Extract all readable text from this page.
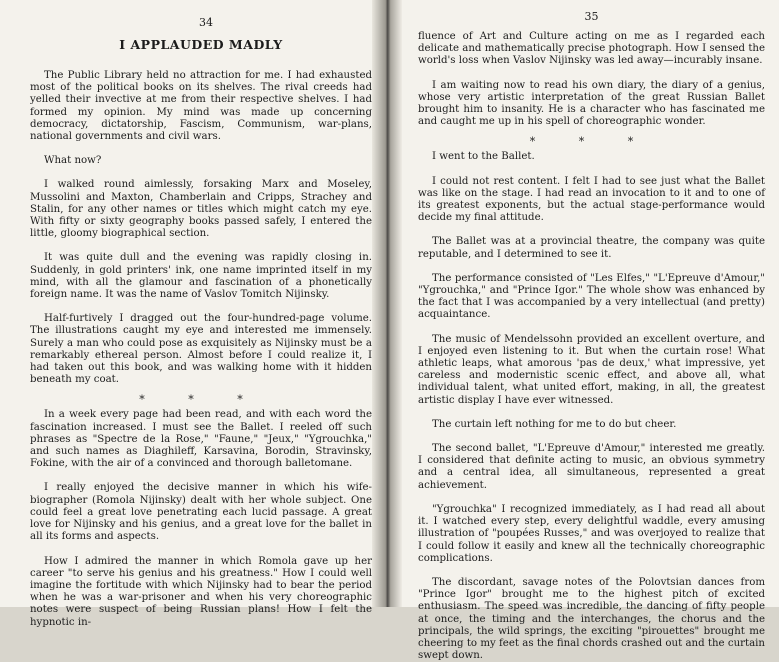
34
I APPLAUDED MADLY

The Public Library held no attraction for me. I had exhausted most of the political books on its shelves. The rival creeds had yelled their invective at me from their respective shelves. I had formed my opinion. My mind was made up concerning democracy, dictatorship, Fascism, Communism, war-plans, national governments and civil wars.

What now?

I walked round aimlessly, forsaking Marx and Moseley, Mussolini and Maxton, Chamberlain and Cripps, Strachey and Stalin, for any other names or titles which might catch my eye. With fifty or sixty geography books passed safely, I entered the little, gloomy biographical section.

It was quite dull and the evening was rapidly closing in. Suddenly, in gold printers' ink, one name imprinted itself in my mind, with all the glamour and fascination of a phonetically foreign name. It was the name of Vaslov Tomitch Nijinsky.

Half-furtively I dragged out the four-hundred-page volume. The illustrations caught my eye and interested me immensely. Surely a man who could pose as exquisitely as Nijinsky must be a remarkably ethereal person. Almost before I could realize it, I had taken out this book, and was walking home with it hidden beneath my coat.

* * *

In a week every page had been read, and with each word the fascination increased. I must see the Ballet. I reeled off such phrases as "Spectre de la Rose," "Faune," "Jeux," "Ygrouchka," and such names as Diaghileff, Karsavina, Borodin, Stravinsky, Fokine, with the air of a convinced and thorough balletomane.

I really enjoyed the decisive manner in which his wife-biographer (Romola Nijinsky) dealt with her whole subject. One could feel a great love penetrating each lucid passage. A great love for Nijinsky and his genius, and a great love for the ballet in all its forms and aspects.

How I admired the manner in which Romola gave up her career "to serve his genius and his greatness." How I could well imagine the fortitude with which Nijinsky had to bear the period when he was a war-prisoner and when his very choreographic notes were suspect of being Russian plans! How I felt the hypnotic in-

35

fluence of Art and Culture acting on me as I regarded each delicate and mathematically precise photograph. How I sensed the world's loss when Vaslov Nijinsky was led away—incurably insane.

I am waiting now to read his own diary, the diary of a genius, whose very artistic interpretation of the great Russian Ballet brought him to insanity. He is a character who has fascinated me and caught me up in his spell of choreographic wonder.

* * *

I went to the Ballet.

I could not rest content. I felt I had to see just what the Ballet was like on the stage. I had read an invocation to it and to one of its greatest exponents, but the actual stage-performance would decide my final attitude.

The Ballet was at a provincial theatre, the company was quite reputable, and I determined to see it.

The performance consisted of "Les Elfes," "L'Epreuve d'Amour," "Ygrouchka," and "Prince Igor." The whole show was enhanced by the fact that I was accompanied by a very intellectual (and pretty) acquaintance.

The music of Mendelssohn provided an excellent overture, and I enjoyed even listening to it. But when the curtain rose! What athletic leaps, what amorous 'pas de deux,' what impressive, yet careless and modernistic scenic effect, and above all, what individual talent, what united effort, making, in all, the greatest artistic display I have ever witnessed.

The curtain left nothing for me to do but cheer.

The second ballet, "L'Epreuve d'Amour," interested me greatly. I considered that definite acting to music, an obvious symmetry and a central idea, all simultaneous, represented a great achievement.

"Ygrouchka" I recognized immediately, as I had read all about it. I watched every step, every delightful waddle, every amusing illustration of "poupées Russes," and was overjoyed to realize that I could follow it easily and knew all the technically choreographic complications.

The discordant, savage notes of the Polovtsian dances from "Prince Igor" brought me to the highest pitch of excited enthusiasm. The speed was incredible, the dancing of fifty people at once, the timing and the interchanges, the chorus and the principals, the wild springs, the exciting "pirouettes" brought me cheering to my feet as the final chords crashed out and the curtain swept down.
